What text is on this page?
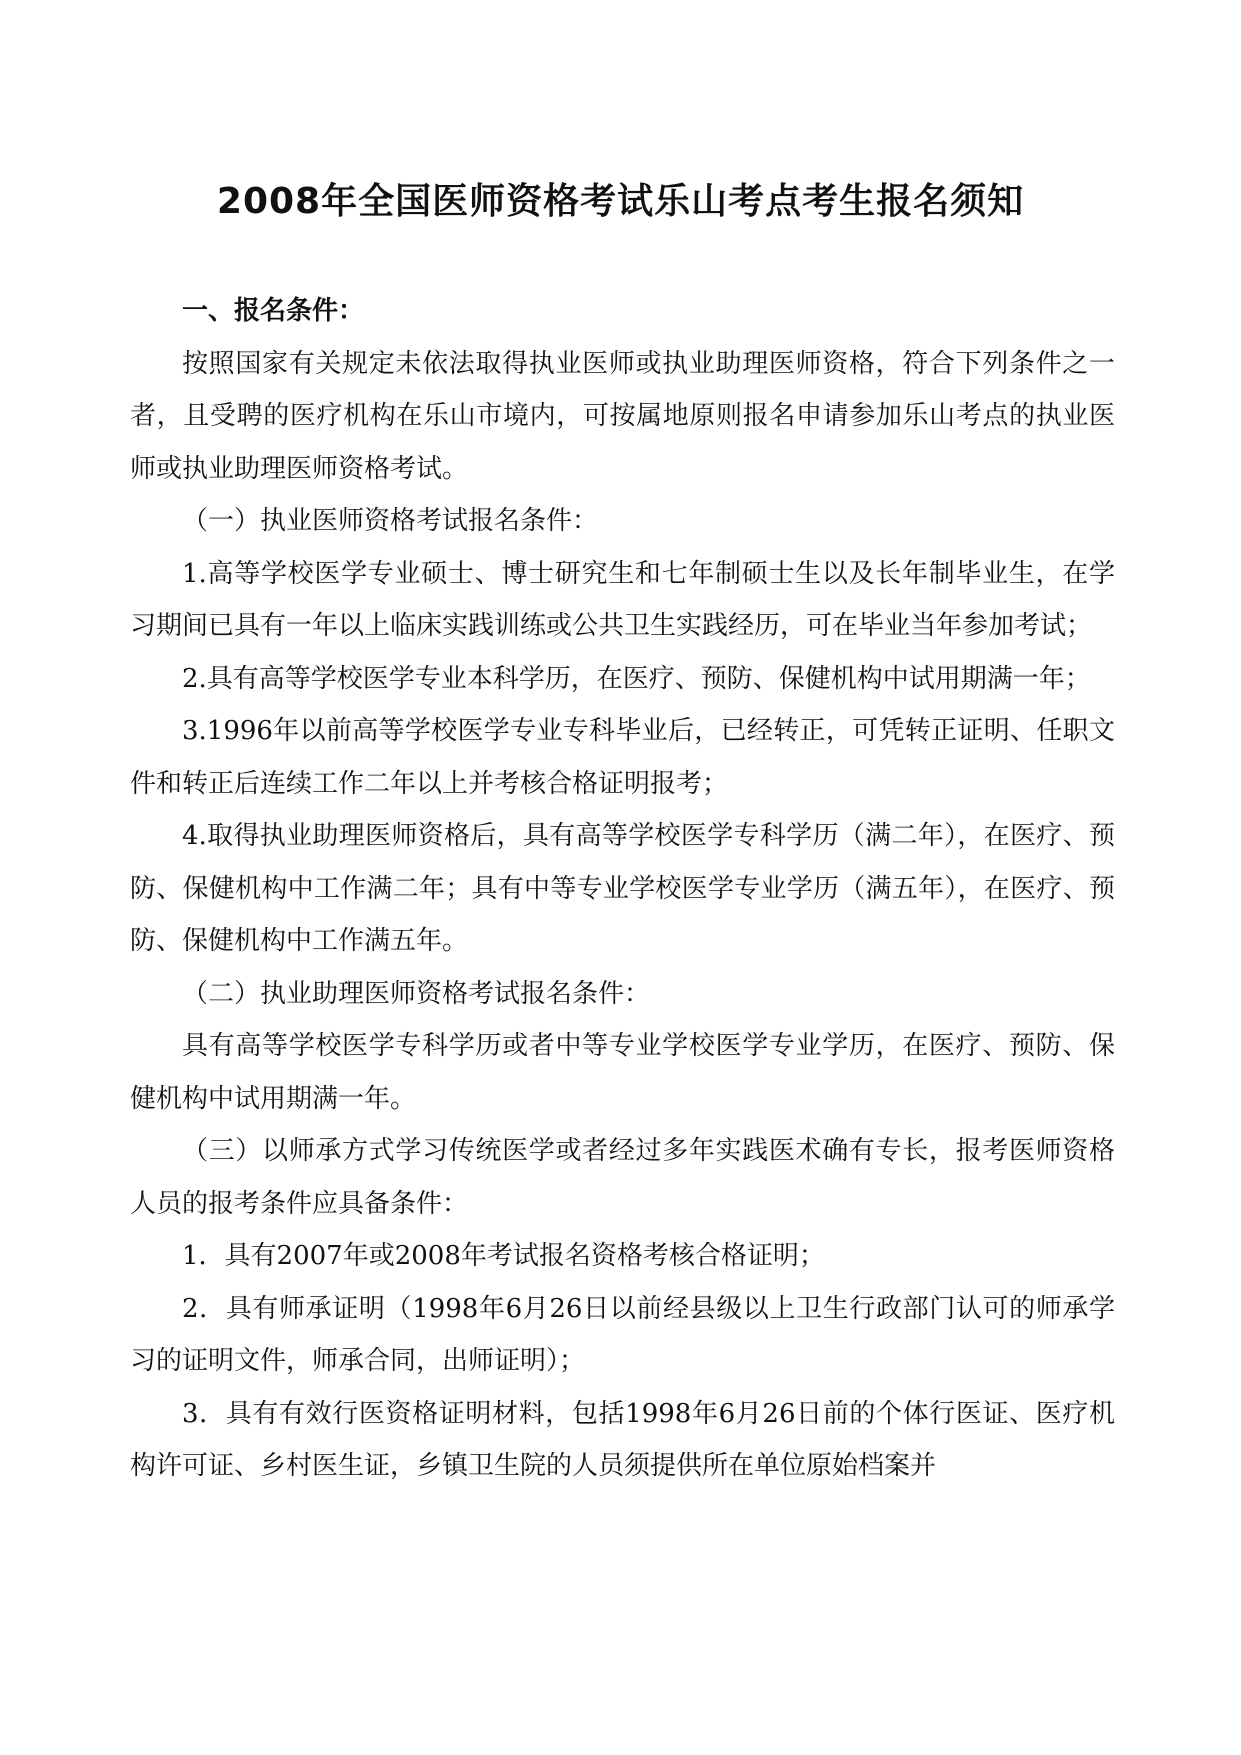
2008年全国医师资格考试乐山考点考生报名须知

一、报名条件：

按照国家有关规定未依法取得执业医师或执业助理医师资格，符合下列条件之一者，且受聘的医疗机构在乐山市境内，可按属地原则报名申请参加乐山考点的执业医师或执业助理医师资格考试。

（一）执业医师资格考试报名条件：

1.高等学校医学专业硕士、博士研究生和七年制硕士生以及长年制毕业生，在学习期间已具有一年以上临床实践训练或公共卫生实践经历，可在毕业当年参加考试；

2.具有高等学校医学专业本科学历，在医疗、预防、保健机构中试用期满一年；

3.1996年以前高等学校医学专业专科毕业后，已经转正，可凭转正证明、任职文件和转正后连续工作二年以上并考核合格证明报考；

4.取得执业助理医师资格后，具有高等学校医学专科学历（满二年），在医疗、预防、保健机构中工作满二年；具有中等专业学校医学专业学历（满五年），在医疗、预防、保健机构中工作满五年。

（二）执业助理医师资格考试报名条件：

具有高等学校医学专科学历或者中等专业学校医学专业学历，在医疗、预防、保健机构中试用期满一年。

（三）以师承方式学习传统医学或者经过多年实践医术确有专长，报考医师资格人员的报考条件应具备条件：

1．具有2007年或2008年考试报名资格考核合格证明；

2．具有师承证明（1998年6月26日以前经县级以上卫生行政部门认可的师承学习的证明文件，师承合同，出师证明）；

3．具有有效行医资格证明材料，包括1998年6月26日前的个体行医证、医疗机构许可证、乡村医生证，乡镇卫生院的人员须提供所在单位原始档案并
